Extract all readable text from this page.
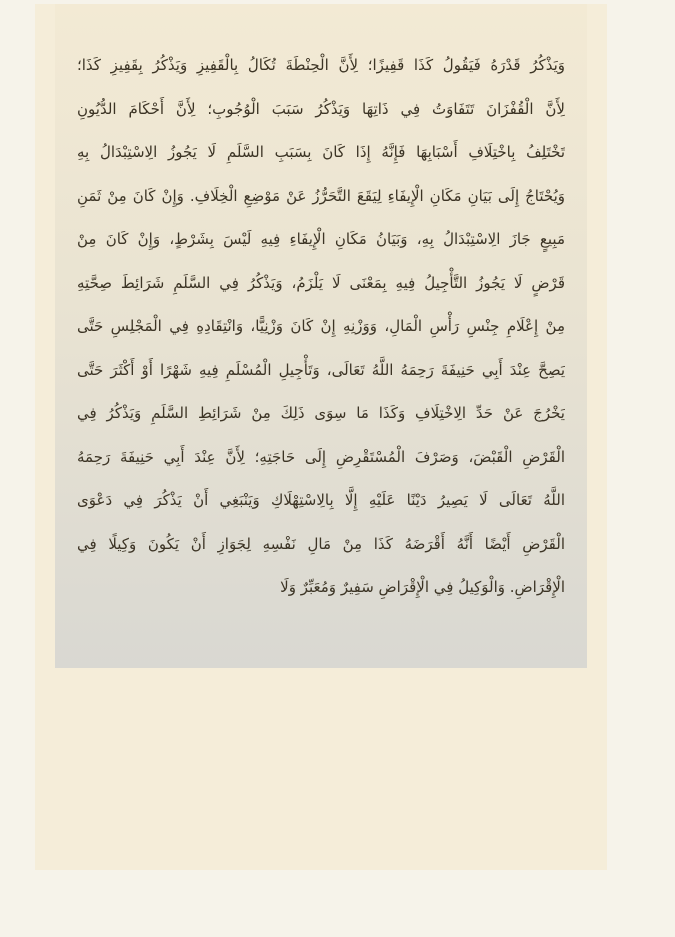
وَيَذْكُرُ قَدْرَهُ فَيَقُولُ كَذَا قَفِيزًا؛ لِأَنَّ الْحِنْطَةَ تُكَالُ بِالْقَفِيزِ وَيَذْكُرُ بِقَفِيزِ كَذَا؛
لِأَنَّ الْقُفْزَانَ تَتَفَاوَتُ فِي ذَاتِهَا وَيَذْكُرُ سَبَبَ الْوُجُوبِ؛ لِأَنَّ أَحْكَامَ الدُّيُونِ
تَخْتَلِفُ بِاخْتِلَافِ أَسْبَابِهَا فَإِنَّهُ إِذَا كَانَ بِسَبَبِ السَّلَمِ لَا يَجُوزُ الِاسْتِبْدَالُ بِهِ
وَيُحْتَاجُ إِلَى بَيَانِ مَكَانِ الْإِيفَاءِ لِيَقَعَ التَّحَرُّزُ عَنْ مَوْضِعِ الْخِلَافِ. وَإِنْ كَانَ مِنْ ثَمَنِ
مَبِيعٍ جَازَ الِاسْتِبْدَالُ بِهِ، وَبَيَانُ مَكَانِ الْإِيفَاءِ فِيهِ لَيْسَ بِشَرْطٍ، وَإِنْ كَانَ مِنْ
قَرْضٍ لَا يَجُوزُ التَّأْجِيلُ فِيهِ بِمَعْنَى لَا يَلْزَمُ، وَيَذْكُرُ فِي السَّلَمِ شَرَائِطَ صِحَّتِهِ
مِنْ إِعْلَامِ جِنْسِ رَأْسِ الْمَالِ، وَوَزْنِهِ إِنْ كَانَ وَزْنِيًّا، وَانْتِقَادِهِ فِي الْمَجْلِسِ حَتَّى
يَصِحَّ عِنْدَ أَبِي حَنِيفَةَ رَحِمَهُ اللَّهُ تَعَالَى، وَتَأْجِيلِ الْمُسْلَمِ فِيهِ شَهْرًا أَوْ أَكْثَرَ حَتَّى
يَخْرُجَ عَنْ حَدِّ الِاخْتِلَافِ وَكَذَا مَا سِوَى ذَلِكَ مِنْ شَرَائِطِ السَّلَمِ وَيَذْكُرُ فِي
الْقَرْضِ الْقَبْضَ، وَصَرْفَ الْمُسْتَقْرِضِ إِلَى حَاجَتِهِ؛ لِأَنَّ عِنْدَ أَبِي حَنِيفَةَ رَحِمَهُ
اللَّهُ تَعَالَى لَا يَصِيرُ دَيْنًا عَلَيْهِ إِلَّا بِالِاسْتِهْلَاكِ وَيَنْبَغِي أَنْ يَذْكُرَ فِي دَعْوَى
الْقَرْضِ أَيْضًا أَنَّهُ أَقْرَضَهُ كَذَا مِنْ مَالِ نَفْسِهِ لِجَوَازِ أَنْ يَكُونَ وَكِيلًا فِي
الْإِقْرَاضِ. وَالْوَكِيلُ فِي الْإِقْرَاضِ سَفِيرٌ وَمُعَبِّرٌ وَلَا
